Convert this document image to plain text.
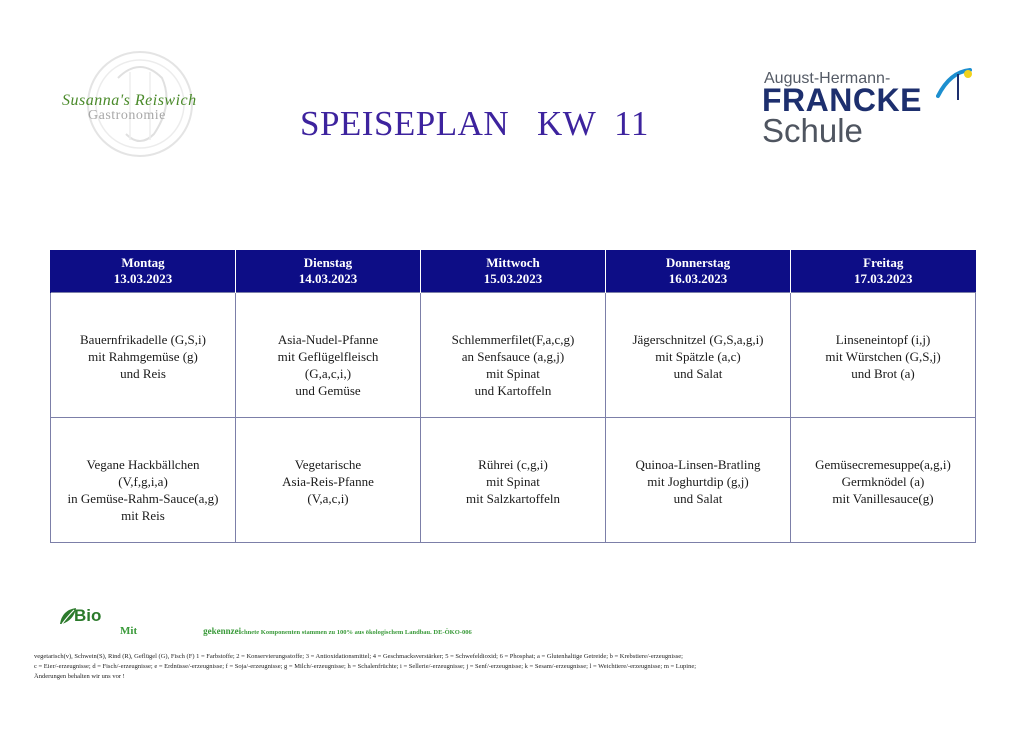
Susanna's Reiswich
Gastronomie	SPEISEPLAN   KW  11
August-Hermann-
FRANCKE
Schule
Montag
13.03.2023	Dienstag
14.03.2023	Mittwoch
15.03.2023	Donnerstag
16.03.2023	Freitag
17.03.2023

Bauernfrikadelle (G,S,i)
mit Rahmgemüse (g)
und Reis	Asia-Nudel-Pfanne
mit Geflügelfleisch
(G,a,c,i,)
und Gemüse	Schlemmerfilet(F,a,c,g)
an Senfsauce (a,g,j)
mit Spinat
und Kartoffeln	Jägerschnitzel (G,S,a,g,i)
mit Spätzle (a,c)
und Salat	Linseneintopf (i,j)
mit Würstchen (G,S,j)
und Brot (a)

Vegane Hackbällchen
(V,f,g,i,a)
in Gemüse-Rahm-Sauce(a,g)
mit Reis	Vegetarische
Asia-Reis-Pfanne
(V,a,c,i)	Rührei (c,g,i)
mit Spinat
mit Salzkartoffeln	Quinoa-Linsen-Bratling
mit Joghurtdip (g,j)
und Salat	Gemüsecremesuppe(a,g,i)
Germknödel (a)
mit Vanillesauce(g)
Bio
Mit	gekennzeichnete Komponenten stammen zu 100% aus ökologischem Landbau. DE-ÖKO-006
vegetarisch(v), Schwein(S), Rind (R), Geflügel (G), Fisch (F) 1 = Farbstoffe; 2 = Konservierungsstoffe; 3 = Antioxidationsmittel; 4 = Geschmacksverstärker; 5 = Schwefeldioxid; 6 = Phosphat; a = Glutenhaltige Getreide; b = Krebstiere/-erzeugnisse;
c = Eier/-erzeugnisse; d = Fisch/-erzeugnisse; e = Erdnüsse/-erzeugnisse; f = Soja/-erzeugnisse; g = Milch/-erzeugnisse; h = Schalenfrüchte; i = Sellerie/-erzeugnisse; j = Senf/-erzeugnisse; k = Sesam/-erzeugnisse; l = Weichtiere/-erzeugnisse; m = Lupine;
Änderungen behalten wir uns vor !
